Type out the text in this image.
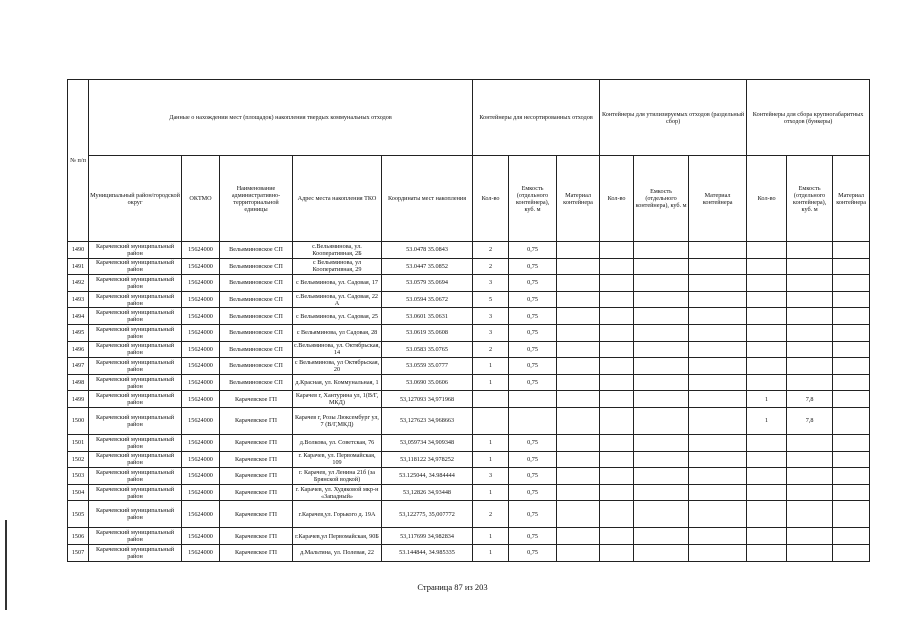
№ п/п	Данные о нахождении мест (площадок) накопления твердых коммунальных отходов					Контейнеры для несортированных отходов			Контейнеры для утилизируемых отходов (раздельный сбор)			Контейнеры для сбора крупногабаритных отходов (бункеры)		
	Муниципальный район/городской округ	ОКТМО	Наименование административно-территориальной единицы	Адрес места накопления ТКО	Координаты мест накопления	Кол-во	Емкость (отдельного контейнера), куб. м	Материал контейнера	Кол-во	Емкость (отдельного контейнера), куб. м	Материал контейнера	Кол-во	Емкость (отдельного контейнера), куб. м	Материал контейнера
1490	Карачевский муниципальный район	15624000	Вельяминовское СП	с.Вельяминова, ул. Кооперативная, 2Б	53.0478 35.0843	2	0,75							
1491	Карачевский муниципальный район	15624000	Вельяминовское СП	с Вельяминова, ул Кооперативная, 29	53.0447 35.0852	2	0,75							
1492	Карачевский муниципальный район	15624000	Вельяминовское СП	с Вельяминова, ул. Садовая, 17	53.0579 35.0694	3	0,75							
1493	Карачевский муниципальный район	15624000	Вельяминовское СП	с.Вельяминова, ул. Садовая, 22 А	53.0594 35.0672	5	0,75							
1494	Карачевский муниципальный район	15624000	Вельяминовское СП	с Вельяминова, ул. Садовая, 25	53.0601 35.0631	3	0,75							
1495	Карачевский муниципальный район	15624000	Вельяминовское СП	с Вельяминова, ул Садовая, 28	53.0619 35.0608	3	0,75							
1496	Карачевский муниципальный район	15624000	Вельяминовское СП	с.Вельяминова, ул. Октябрьская, 14	53.0583 35.0765	2	0,75							
1497	Карачевский муниципальный район	15624000	Вельяминовское СП	с Вельяминова, ул Октябрьская, 20	53.0559 35.0777	1	0,75							
1498	Карачевский муниципальный район	15624000	Вельяминовское СП	д.Красная, ул. Коммунальная, 1	53.0690 35.0606	1	0,75							
1499	Карачевский муниципальный район	15624000	Карачевское ГП	Карачев г, Хантурина ул, 1(В/Г, МКД)	53,127093 34,971968							1	7,8	
1500	Карачевский муниципальный район	15624000	Карачевское ГП	Карачев г, Розы Люксембург ул, 7 (В/Г,МКД)	53,127623 34,968663							1	7,8	
1501	Карачевский муниципальный район	15624000	Карачевское ГП	д.Волкова, ул. Советская, 76	53,059734 34,909348	1	0,75							
1502	Карачевский муниципальный район	15624000	Карачевское ГП	г. Карачев, ул. Первомайская, 109	53,118122 34,978252	1	0,75							
1503	Карачевский муниципальный район	15624000	Карачевское ГП	г. Карачев, ул Ленина 21б (за Брянской водкой)	53.125044, 34.984444	3	0,75							
1504	Карачевский муниципальный район	15624000	Карачевское ГП	г. Карачев, ул. Худяковой мкр-н «Западный»	53,12826 34,93448	1	0,75							
1505	Карачевский муниципальный район	15624000	Карачевское ГП	г.Карачев,ул. Горького д. 19А	53,122775, 35,007772	2	0,75							
1506	Карачевский муниципальный район	15624000	Карачевское ГП	г.Карачев,ул Первомайская, 90Б	53,117699 34,982834	1	0,75							
1507	Карачевский муниципальный район	15624000	Карачевское ГП	д.Мальтина, ул. Полевая, 22	53.144844, 34.985335	1	0,75							
Страница 87 из 203
